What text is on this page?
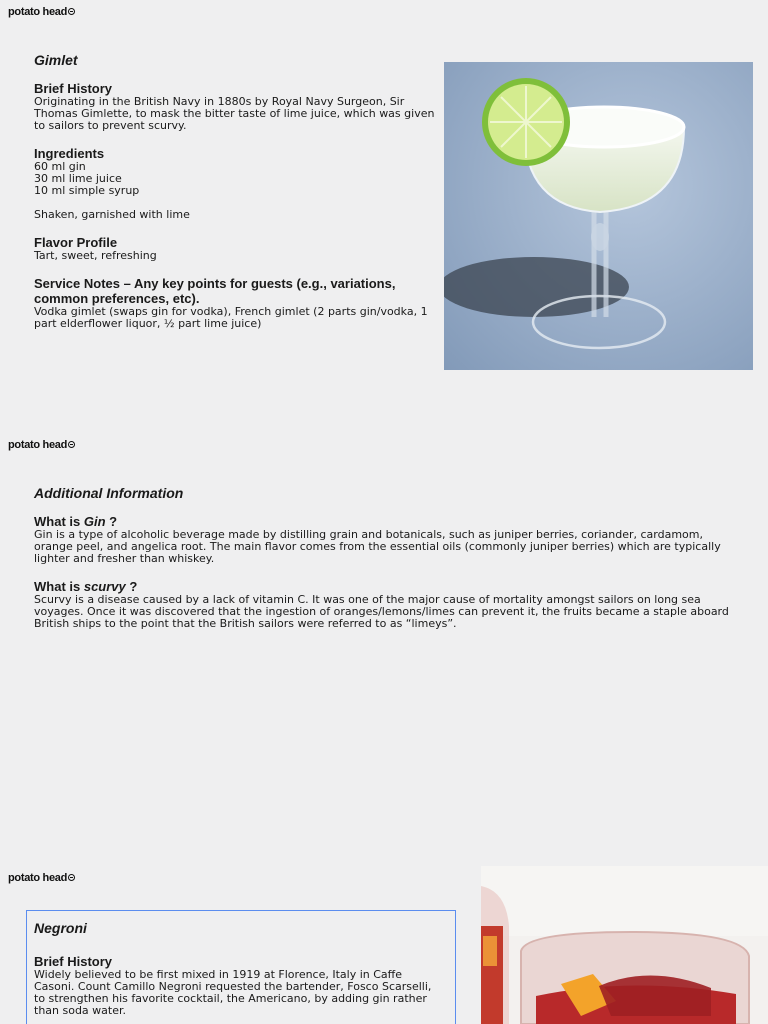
potato head
Gimlet
Brief History
Originating in the British Navy in 1880s by Royal Navy Surgeon, Sir Thomas Gimlette, to mask the bitter taste of lime juice, which was given to sailors to prevent scurvy.
Ingredients
60 ml gin
30 ml lime juice
10 ml simple syrup
Shaken, garnished with lime
Flavor Profile
Tart, sweet, refreshing
Service Notes – Any key points for guests (e.g., variations, common preferences, etc).
Vodka gimlet (swaps gin for vodka), French gimlet (2 parts gin/vodka, 1 part elderflower liquor, ½ part lime juice)
potato head
Additional Information
What is Gin ?
Gin is a type of alcoholic beverage made by distilling grain and botanicals, such as juniper berries, coriander, cardamom, orange peel, and angelica root. The main flavor comes from the essential oils (commonly juniper berries) which are typically lighter and fresher than whiskey.
What is scurvy ?
Scurvy is a disease caused by a lack of vitamin C. It was one of the major cause of mortality amongst sailors on long sea voyages. Once it was discovered that the ingestion of oranges/lemons/limes can prevent it, the fruits became a staple aboard British ships to the point that the British sailors were referred to as “limeys”.
potato head
Negroni
Brief History
Widely believed to be first mixed in 1919 at Florence, Italy in Caffe Casoni. Count Camillo Negroni requested the bartender, Fosco Scarselli, to strengthen his favorite cocktail, the Americano, by adding gin rather than soda water.
